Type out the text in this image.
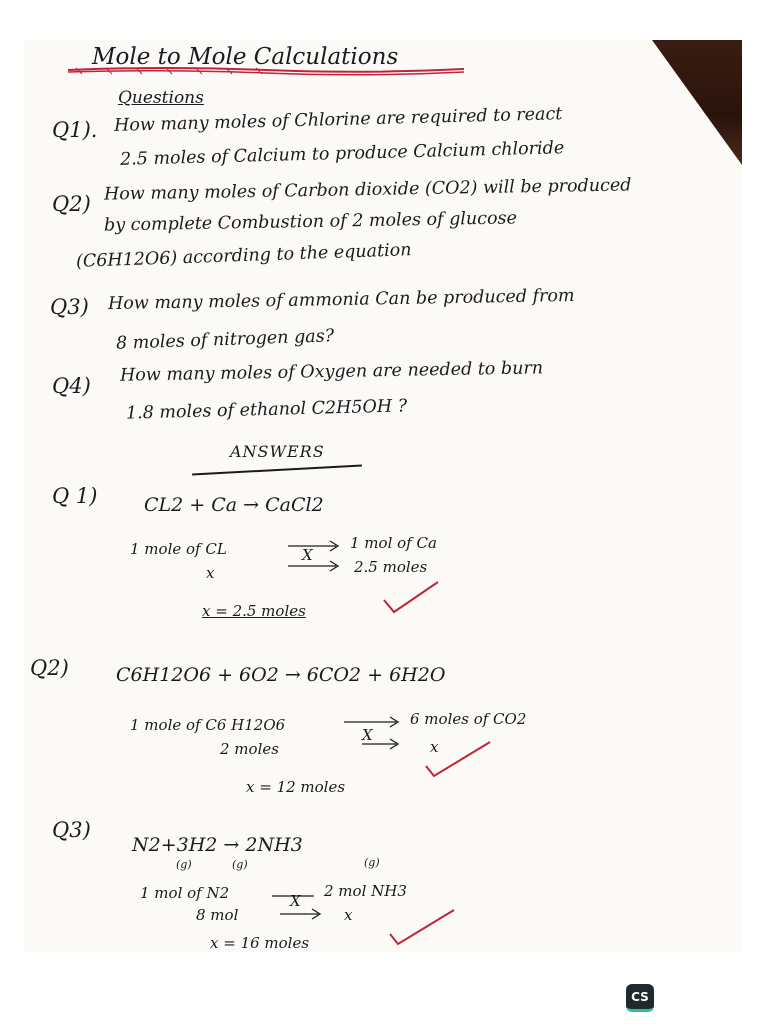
Mole to Mole Calculations
Questions
Q1). How many moles of Chlorine are required to react
2.5 moles of Calcium to produce Calcium chloride
Q2) How many moles of Carbon dioxide (CO2) will be produced
by complete Combustion of 2 moles of glucose
(C6H12O6) according to the equation
Q3) How many moles of ammonia Can be produced from
8 moles of nitrogen gas?
Q4)
How many moles of Oxygen are needed to burn
1.8 moles of ethanol C2H5OH ?
ANSWERS
Q 1) CL2 + Ca → CaCl2
1 mole of CL
x
1 mol of Ca
2.5 moles
X
x = 2.5 moles
Q2) C6H12O6 + 6O2 → 6CO2 + 6H2O
1 mole of C6 H12O6
2 moles
6 moles of CO2
x
X
x = 12 moles
Q3)
N2+3H2 → 2NH3
(g)	(g)	(g)
1 mol of N2
8 mol
2 mol NH3
x
X
x = 16 moles
CS
